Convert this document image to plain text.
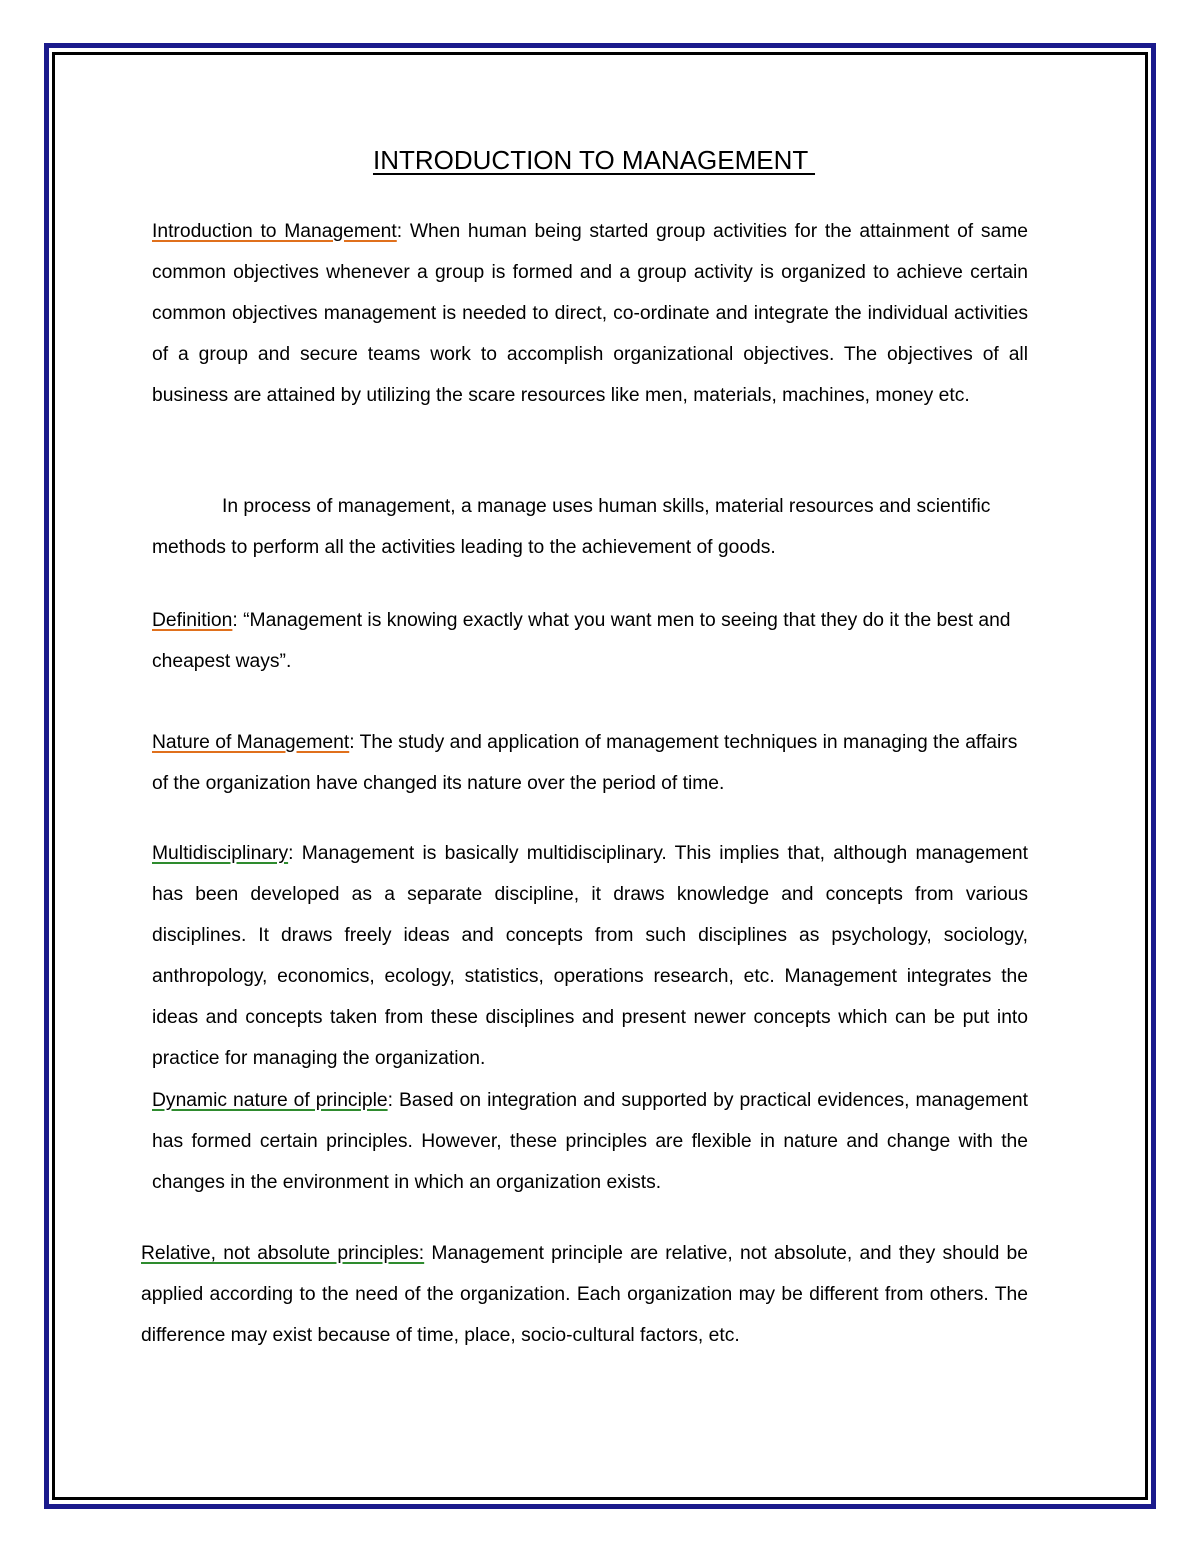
INTRODUCTION TO MANAGEMENT

Introduction to Management: When human being started group activities for the attainment of same common objectives whenever a group is formed and a group activity is organized to achieve certain common objectives management is needed to direct, co-ordinate and integrate the individual activities of a group and secure teams work to accomplish organizational objectives. The objectives of all business are attained by utilizing the scare resources like men, materials, machines, money etc.

In process of management, a manage uses human skills, material resources and scientific methods to perform all the activities leading to the achievement of goods.

Definition: “Management is knowing exactly what you want men to seeing that they do it the best and cheapest ways”.

Nature of Management: The study and application of management techniques in managing the affairs of the organization have changed its nature over the period of time.

Multidisciplinary: Management is basically multidisciplinary. This implies that, although management has been developed as a separate discipline, it draws knowledge and concepts from various disciplines. It draws freely ideas and concepts from such disciplines as psychology, sociology, anthropology, economics, ecology, statistics, operations research, etc. Management integrates the ideas and concepts taken from these disciplines and present newer concepts which can be put into practice for managing the organization.

Dynamic nature of principle: Based on integration and supported by practical evidences, management has formed certain principles. However, these principles are flexible in nature and change with the changes in the environment in which an organization exists.

Relative, not absolute principles: Management principle are relative, not absolute, and they should be applied according to the need of the organization. Each organization may be different from others. The difference may exist because of time, place, socio-cultural factors, etc.
